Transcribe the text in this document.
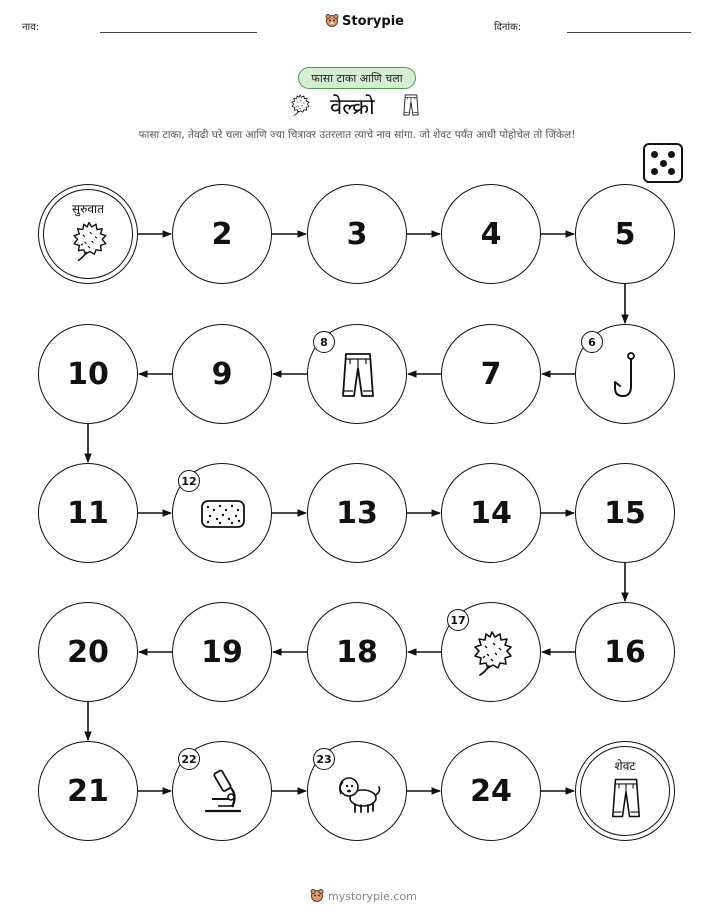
नाव:	Storypie	दिनांक:
फासा टाका आणि चला
वेल्क्रो
फासा टाका, तेवढी घरे चला आणि ज्या चित्रावर उतरलात त्याचे नाव सांगा. जो शेवट पर्यंत आधी पोहोचेल तो जिंकेल!
सुरुवात
2	3	4	5
6
7
8
9
10
11
12
13	14	15
16
17
18
19
20
21
22	23
24
शेवट
mystorypie.com
